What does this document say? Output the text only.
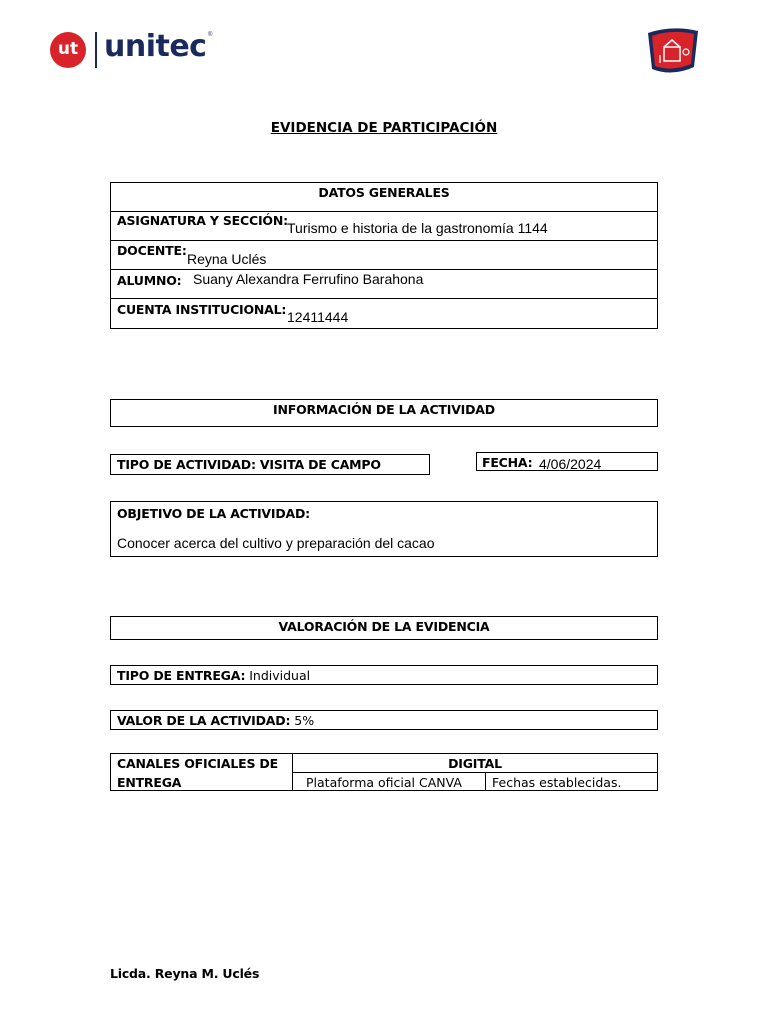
ut unitec ®
EVIDENCIA DE PARTICIPACIÓN
DATOS GENERALES
ASIGNATURA Y SECCIÓN: Turismo e historia de la gastronomía 1144
DOCENTE:
Reyna Uclés
ALUMNO: Suany Alexandra Ferrufino Barahona
CUENTA INSTITUCIONAL: 12411444
INFORMACIÓN DE LA ACTIVIDAD
TIPO DE ACTIVIDAD: VISITA DE CAMPO	FECHA: 4/06/2024
OBJETIVO DE LA ACTIVIDAD:
Conocer acerca del cultivo y preparación del cacao
VALORACIÓN DE LA EVIDENCIA
TIPO DE ENTREGA: Individual
VALOR DE LA ACTIVIDAD: 5%
CANALES OFICIALES DE
ENTREGA
DIGITAL
Plataforma oficial CANVA Fechas establecidas.
Licda. Reyna M. Uclés
